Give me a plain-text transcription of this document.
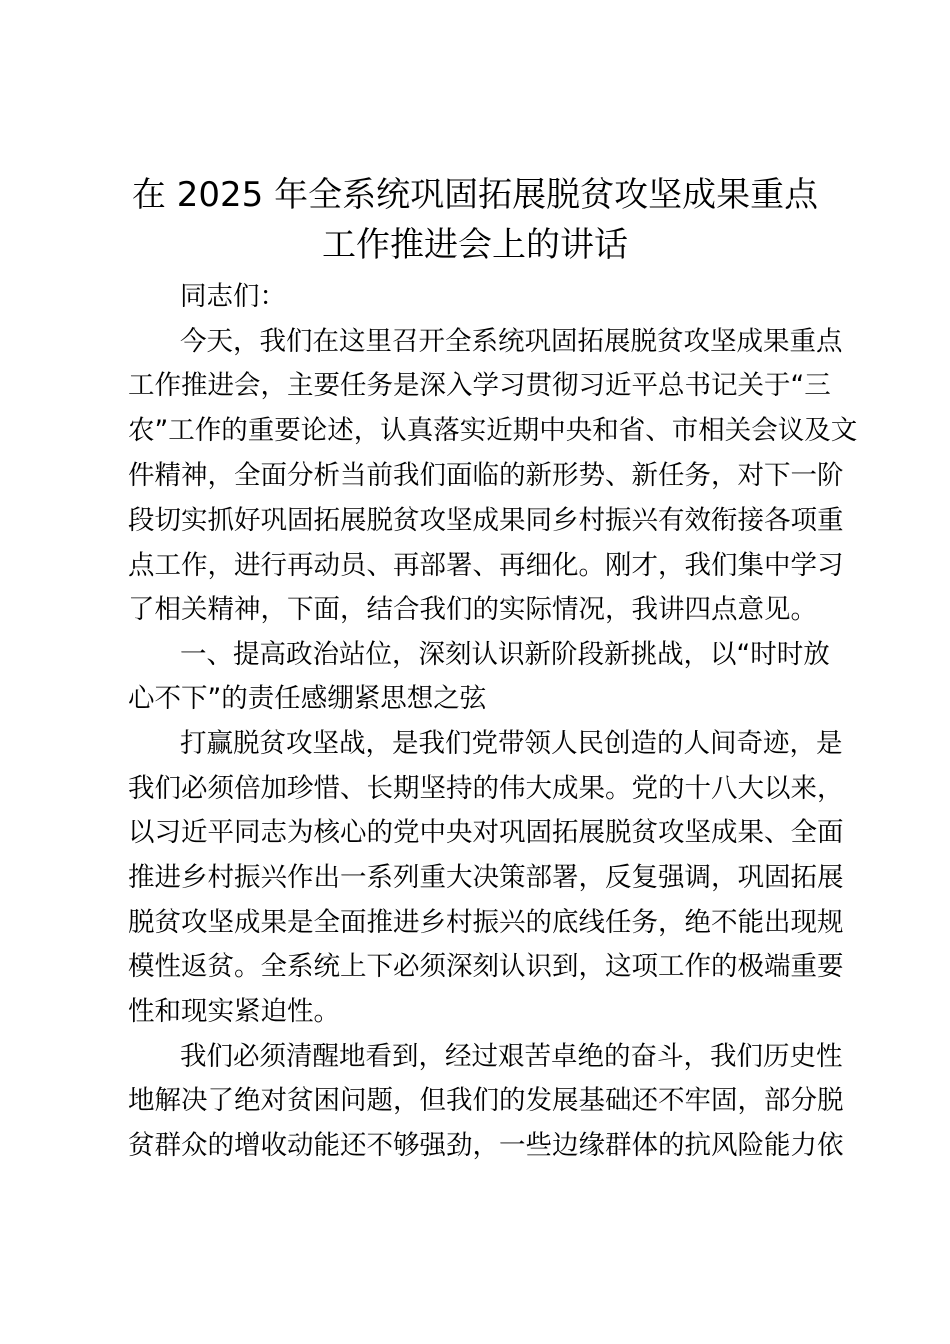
在 2025 年全系统巩固拓展脱贫攻坚成果重点
工作推进会上的讲话
同志们：
今天，我们在这里召开全系统巩固拓展脱贫攻坚成果重点
工作推进会，主要任务是深入学习贯彻习近平总书记关于“三
农”工作的重要论述，认真落实近期中央和省、市相关会议及文
件精神，全面分析当前我们面临的新形势、新任务，对下一阶
段切实抓好巩固拓展脱贫攻坚成果同乡村振兴有效衔接各项重
点工作，进行再动员、再部署、再细化。刚才，我们集中学习
了相关精神，下面，结合我们的实际情况，我讲四点意见。
一、提高政治站位，深刻认识新阶段新挑战，以“时时放
心不下”的责任感绷紧思想之弦
打赢脱贫攻坚战，是我们党带领人民创造的人间奇迹，是
我们必须倍加珍惜、长期坚持的伟大成果。党的十八大以来，
以习近平同志为核心的党中央对巩固拓展脱贫攻坚成果、全面
推进乡村振兴作出一系列重大决策部署，反复强调，巩固拓展
脱贫攻坚成果是全面推进乡村振兴的底线任务，绝不能出现规
模性返贫。全系统上下必须深刻认识到，这项工作的极端重要
性和现实紧迫性。
我们必须清醒地看到，经过艰苦卓绝的奋斗，我们历史性
地解决了绝对贫困问题，但我们的发展基础还不牢固，部分脱
贫群众的增收动能还不够强劲，一些边缘群体的抗风险能力依
